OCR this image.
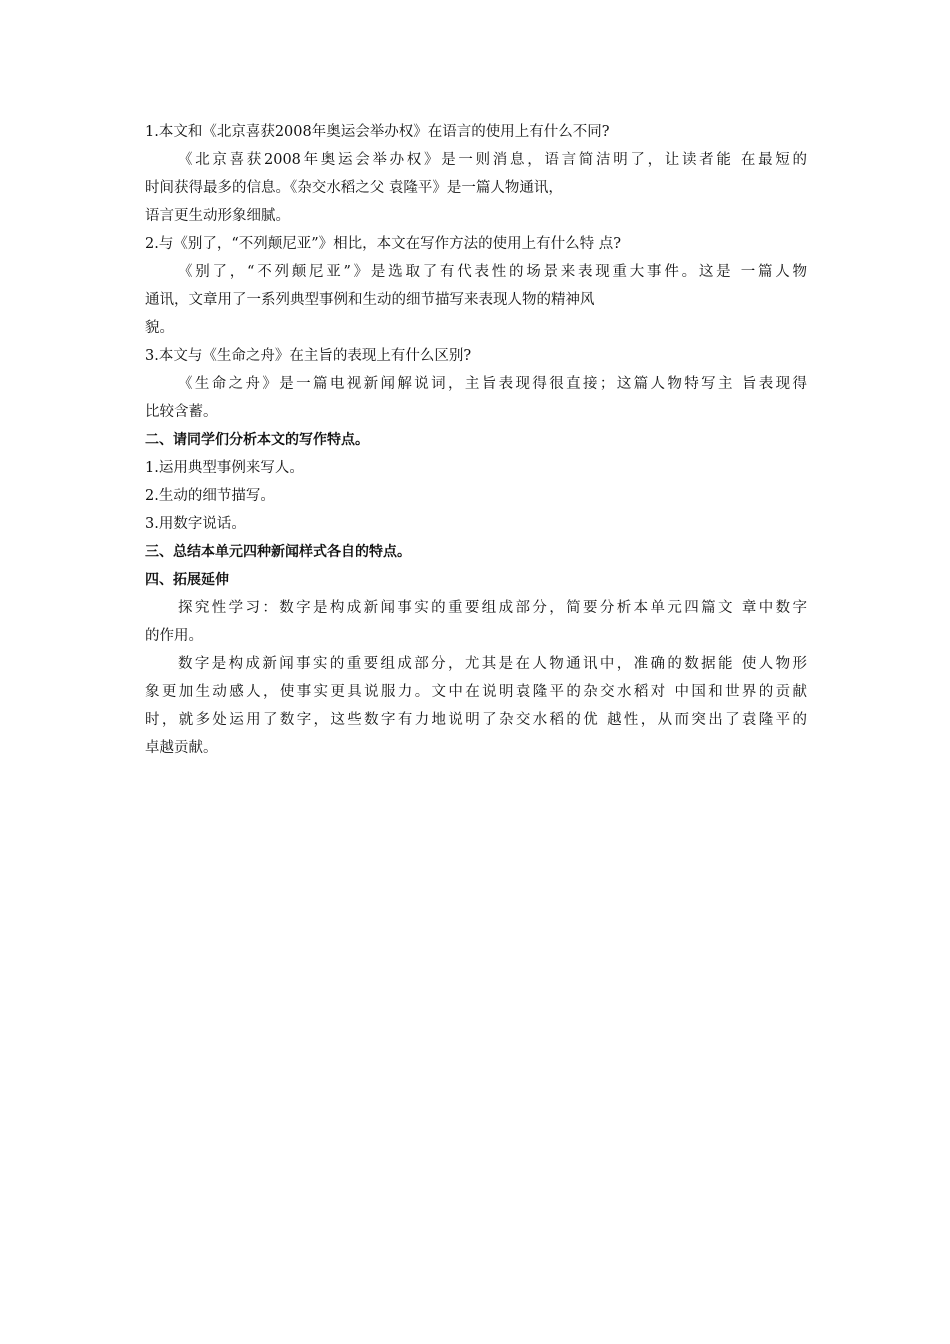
1.本文和《北京喜获2008年奥运会举办权》在语言的使用上有什么不同?

《北京喜获2008年奥运会举办权》是一则消息，语言简洁明了，让读者能 在最短的

时间获得最多的信息。《杂交水稻之父 袁隆平》是一篇人物通讯，

语言更生动形象细腻。

2.与《别了，“不列颠尼亚”》相比，本文在写作方法的使用上有什么特 点?

《别了，“不列颠尼亚”》是选取了有代表性的场景来表现重大事件。这是 一篇人物

通讯，文章用了一系列典型事例和生动的细节描写来表现人物的精神风

貌。

3.本文与《生命之舟》在主旨的表现上有什么区别?

《生命之舟》是一篇电视新闻解说词，主旨表现得很直接；这篇人物特写主 旨表现得

比较含蓄。

二、请同学们分析本文的写作特点。

1.运用典型事例来写人。

2.生动的细节描写。

3.用数字说话。

三、总结本单元四种新闻样式各自的特点。

四、拓展延伸

探究性学习：数字是构成新闻事实的重要组成部分，简要分析本单元四篇文 章中数字

的作用。

数字是构成新闻事实的重要组成部分，尤其是在人物通讯中，准确的数据能 使人物形

象更加生动感人，使事实更具说服力。文中在说明袁隆平的杂交水稻对 中国和世界的贡献

时，就多处运用了数字，这些数字有力地说明了杂交水稻的优 越性，从而突出了袁隆平的

卓越贡献。
